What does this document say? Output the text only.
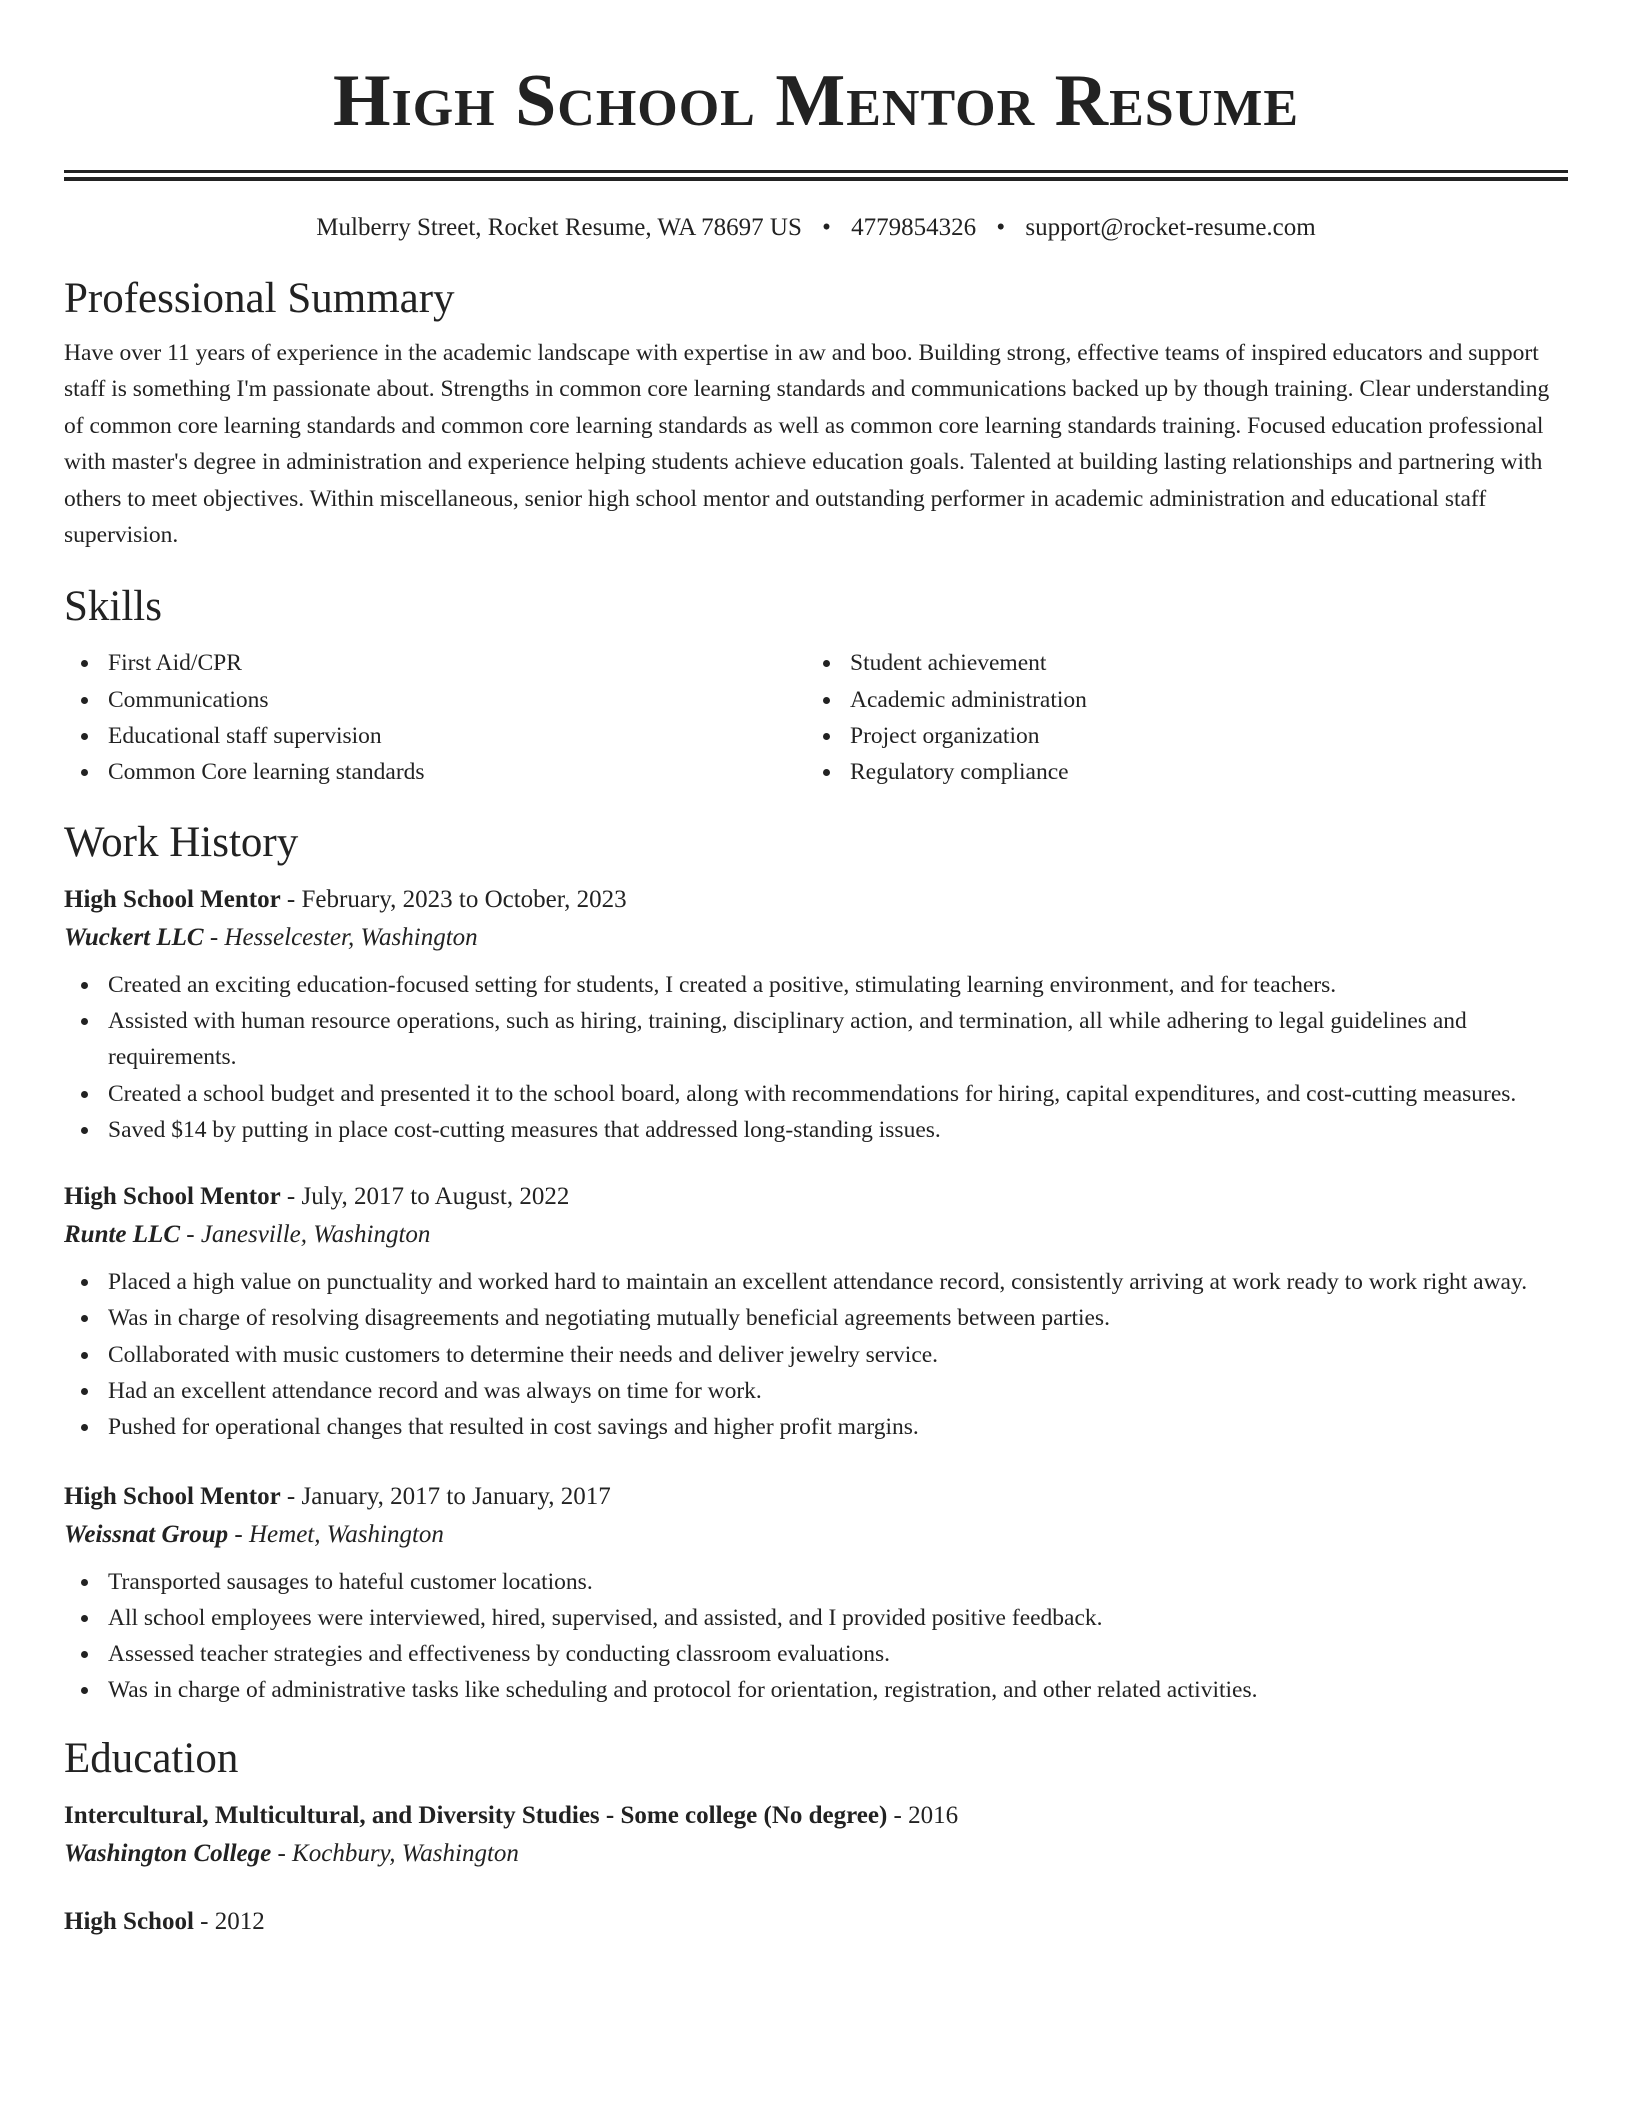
High School Mentor Resume
Mulberry Street, Rocket Resume, WA 78697 US • 4779854326 • support@rocket-resume.com
Professional Summary

Have over 11 years of experience in the academic landscape with expertise in aw and boo. Building strong, effective teams of inspired educators and support staff is something I'm passionate about. Strengths in common core learning standards and communications backed up by though training. Clear understanding of common core learning standards and common core learning standards as well as common core learning standards training. Focused education professional with master's degree in administration and experience helping students achieve education goals. Talented at building lasting relationships and partnering with others to meet objectives. Within miscellaneous, senior high school mentor and outstanding performer in academic administration and educational staff supervision.

Skills
First Aid/CPR
Communications
Educational staff supervision
Common Core learning standards
Student achievement
Academic administration
Project organization
Regulatory compliance
Work History
High School Mentor - February, 2023 to October, 2023
Wuckert LLC - Hesselcester, Washington
Created an exciting education-focused setting for students, I created a positive, stimulating learning environment, and for teachers.
Assisted with human resource operations, such as hiring, training, disciplinary action, and termination, all while adhering to legal guidelines and requirements.
Created a school budget and presented it to the school board, along with recommendations for hiring, capital expenditures, and cost-cutting measures.
Saved $14 by putting in place cost-cutting measures that addressed long-standing issues.
High School Mentor - July, 2017 to August, 2022
Runte LLC - Janesville, Washington
Placed a high value on punctuality and worked hard to maintain an excellent attendance record, consistently arriving at work ready to work right away.
Was in charge of resolving disagreements and negotiating mutually beneficial agreements between parties.
Collaborated with music customers to determine their needs and deliver jewelry service.
Had an excellent attendance record and was always on time for work.
Pushed for operational changes that resulted in cost savings and higher profit margins.
High School Mentor - January, 2017 to January, 2017
Weissnat Group - Hemet, Washington
Transported sausages to hateful customer locations.
All school employees were interviewed, hired, supervised, and assisted, and I provided positive feedback.
Assessed teacher strategies and effectiveness by conducting classroom evaluations.
Was in charge of administrative tasks like scheduling and protocol for orientation, registration, and other related activities.
Education
Intercultural, Multicultural, and Diversity Studies - Some college (No degree) - 2016
Washington College - Kochbury, Washington
High School - 2012
